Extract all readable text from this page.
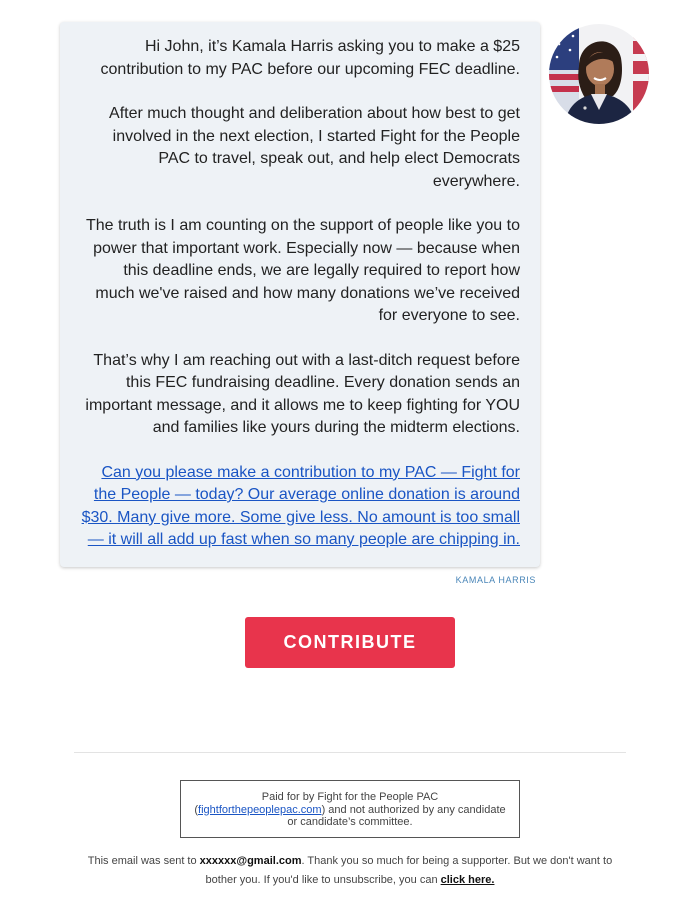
Hi John, it’s Kamala Harris asking you to make a $25 contribution to my PAC before our upcoming FEC deadline.

After much thought and deliberation about how best to get involved in the next election, I started Fight for the People PAC to travel, speak out, and help elect Democrats everywhere.

The truth is I am counting on the support of people like you to power that important work. Especially now — because when this deadline ends, we are legally required to report how much we've raised and how many donations we’ve received for everyone to see.

That’s why I am reaching out with a last-ditch request before this FEC fundraising deadline. Every donation sends an important message, and it allows me to keep fighting for YOU and families like yours during the midterm elections.

Can you please make a contribution to my PAC — Fight for the People — today? Our average online donation is around $30. Many give more. Some give less. No amount is too small — it will all add up fast when so many people are chipping in.

KAMALA HARRIS
CONTRIBUTE
Paid for by Fight for the People PAC
(fightforthepeoplepac.com) and not authorized by any candidate or candidate’s committee.
This email was sent to xxxxxx@gmail.com. Thank you so much for being a supporter. But we don't want to bother you. If you'd like to unsubscribe, you can click here.
